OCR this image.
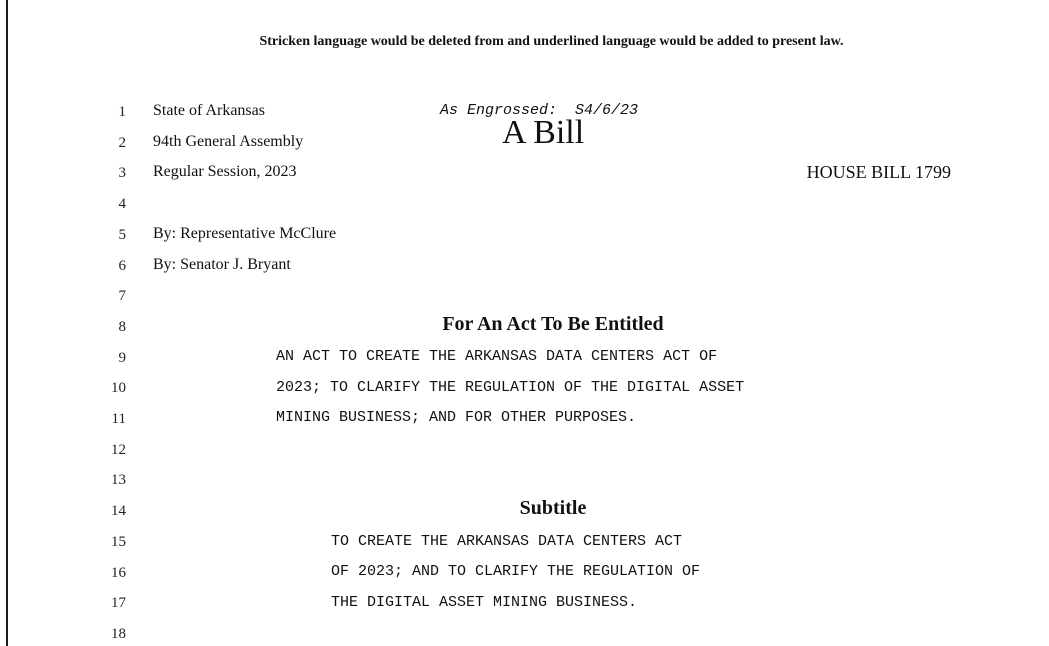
Stricken language would be deleted from and underlined language would be added to present law.
1
2
3
4
5
6
7
8
9
10
11
12
13
14
15
16
17
18
State of Arkansas
94th General Assembly
Regular Session, 2023
As Engrossed:  S4/6/23
A Bill
HOUSE BILL 1799
By: Representative McClure
By: Senator J. Bryant
For An Act To Be Entitled
AN ACT TO CREATE THE ARKANSAS DATA CENTERS ACT OF
2023; TO CLARIFY THE REGULATION OF THE DIGITAL ASSET
MINING BUSINESS; AND FOR OTHER PURPOSES.
Subtitle
TO CREATE THE ARKANSAS DATA CENTERS ACT
OF 2023; AND TO CLARIFY THE REGULATION OF
THE DIGITAL ASSET MINING BUSINESS.
